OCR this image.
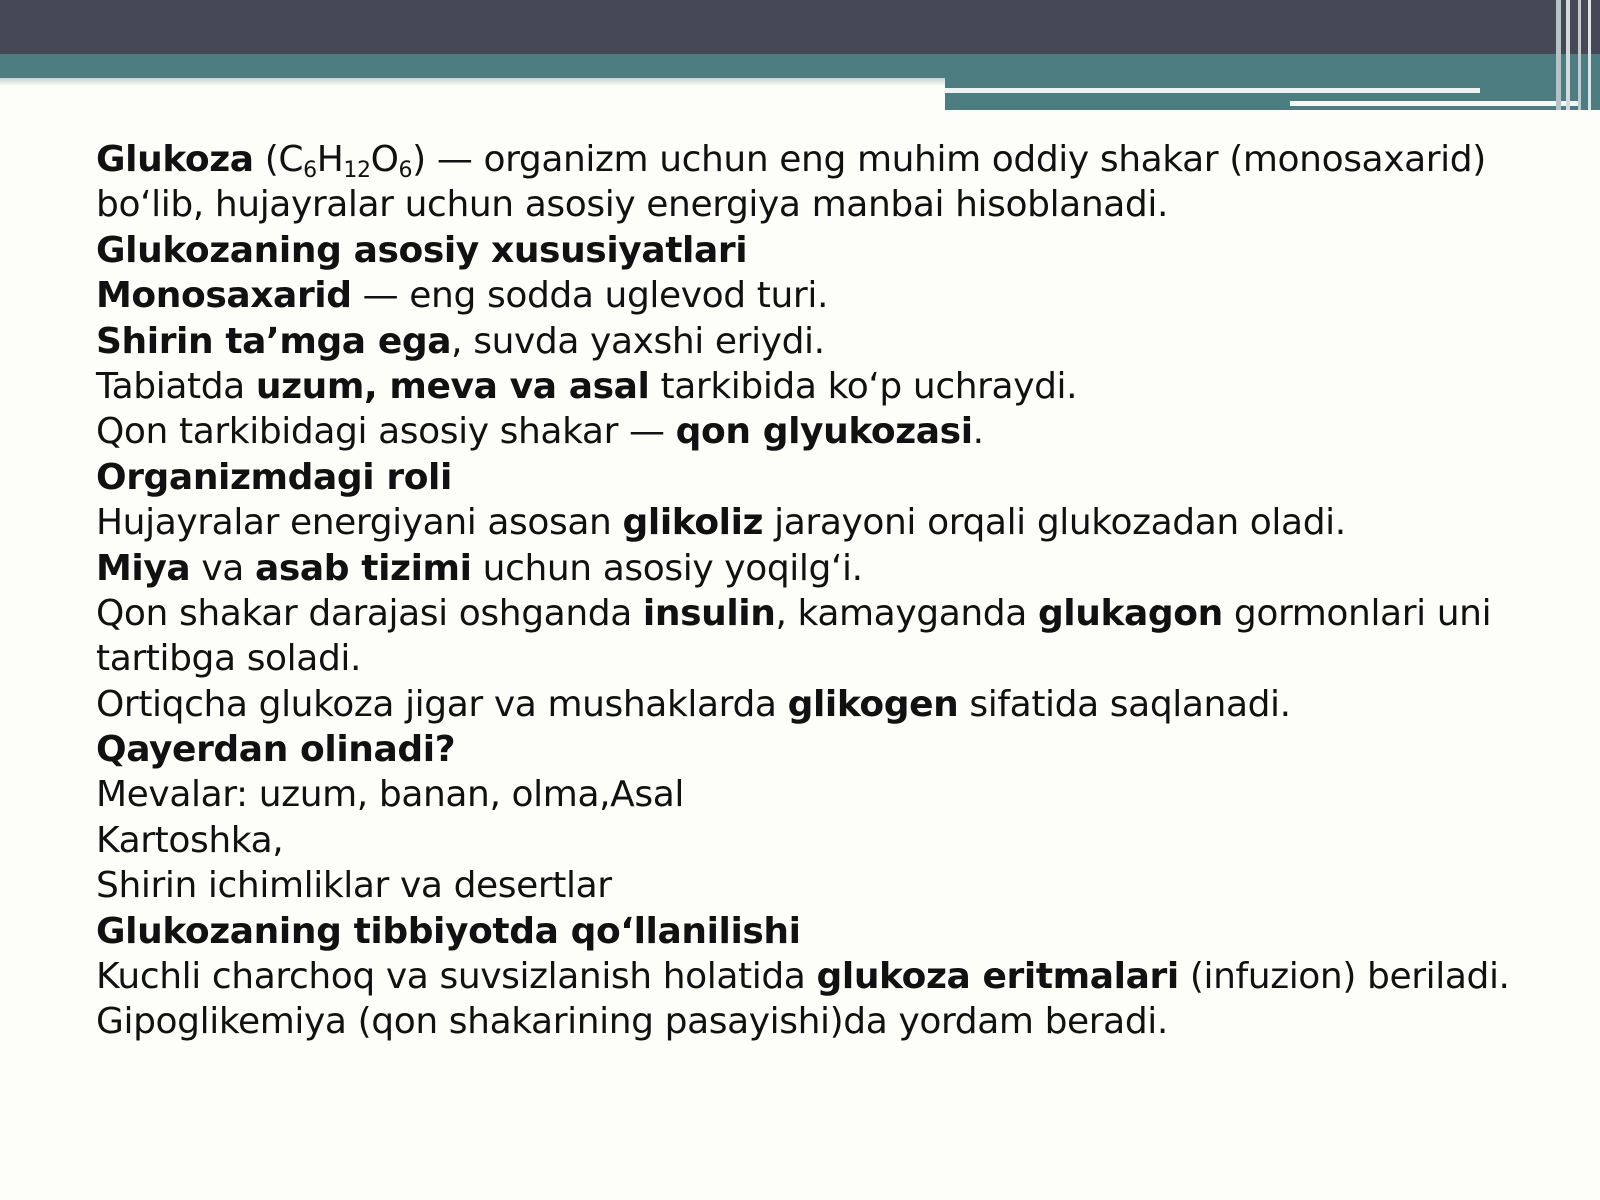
Glukoza $(C_6H_{12}O_6)$ — organizm uchun eng muhim oddiy shakar (monosaxarid)
bo‘lib, hujayralar uchun asosiy energiya manbai hisoblanadi.
Glukozaning asosiy xususiyatlari
Monosaxarid — eng sodda uglevod turi.
Shirin ta’mga ega, suvda yaxshi eriydi.
Tabiatda uzum, meva va asal tarkibida ko‘p uchraydi.
Qon tarkibidagi asosiy shakar — qon glyukozasi.
Organizmdagi roli
Hujayralar energiyani asosan glikoliz jarayoni orqali glukozadan oladi.
Miya va asab tizimi uchun asosiy yoqilg‘i.
Qon shakar darajasi oshganda insulin, kamayganda glukagon gormonlari uni
tartibga soladi.
Ortiqcha glukoza jigar va mushaklarda glikogen sifatida saqlanadi.
Qayerdan olinadi?
Mevalar: uzum, banan, olma,Asal
Kartoshka,
Shirin ichimliklar va desertlar
Glukozaning tibbiyotda qo‘llanilishi
Kuchli charchoq va suvsizlanish holatida glukoza eritmalari (infuzion) beriladi.
Gipoglikemiya (qon shakarining pasayishi)da yordam beradi.
